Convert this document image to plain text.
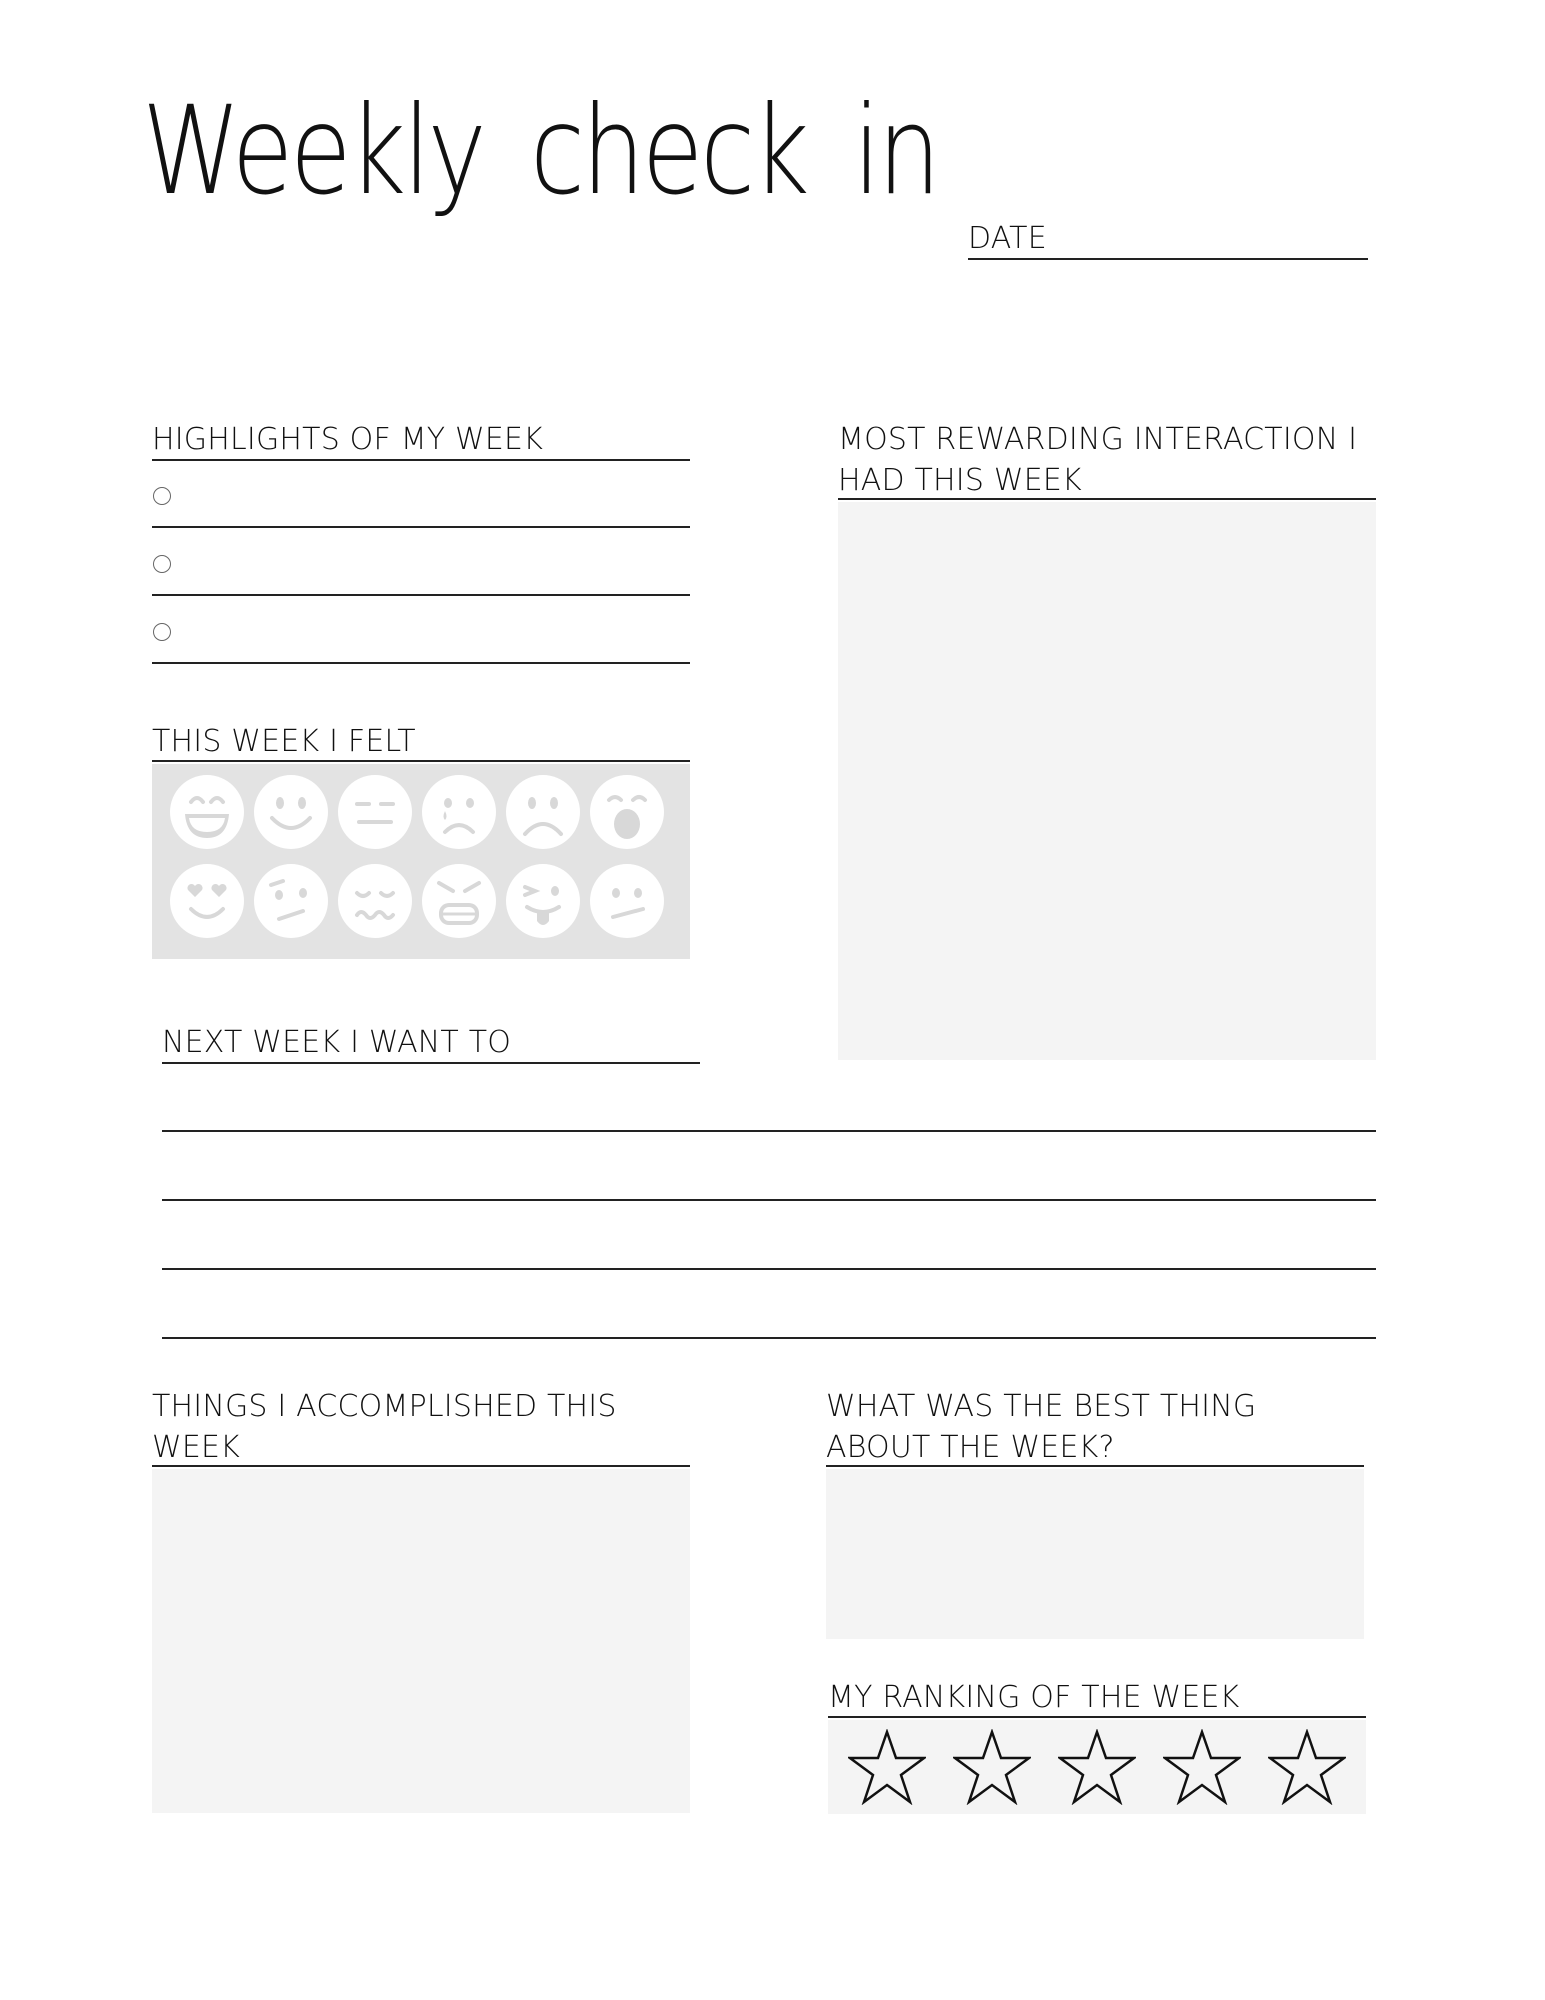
Weekly check in
DATE
HIGHLIGHTS OF MY WEEK	MOST REWARDING INTERACTION I
HAD THIS WEEK
THIS WEEK I FELT
NEXT WEEK I WANT TO
THINGS I ACCOMPLISHED THIS
WEEK
WHAT WAS THE BEST THING
ABOUT THE WEEK?
MY RANKING OF THE WEEK
